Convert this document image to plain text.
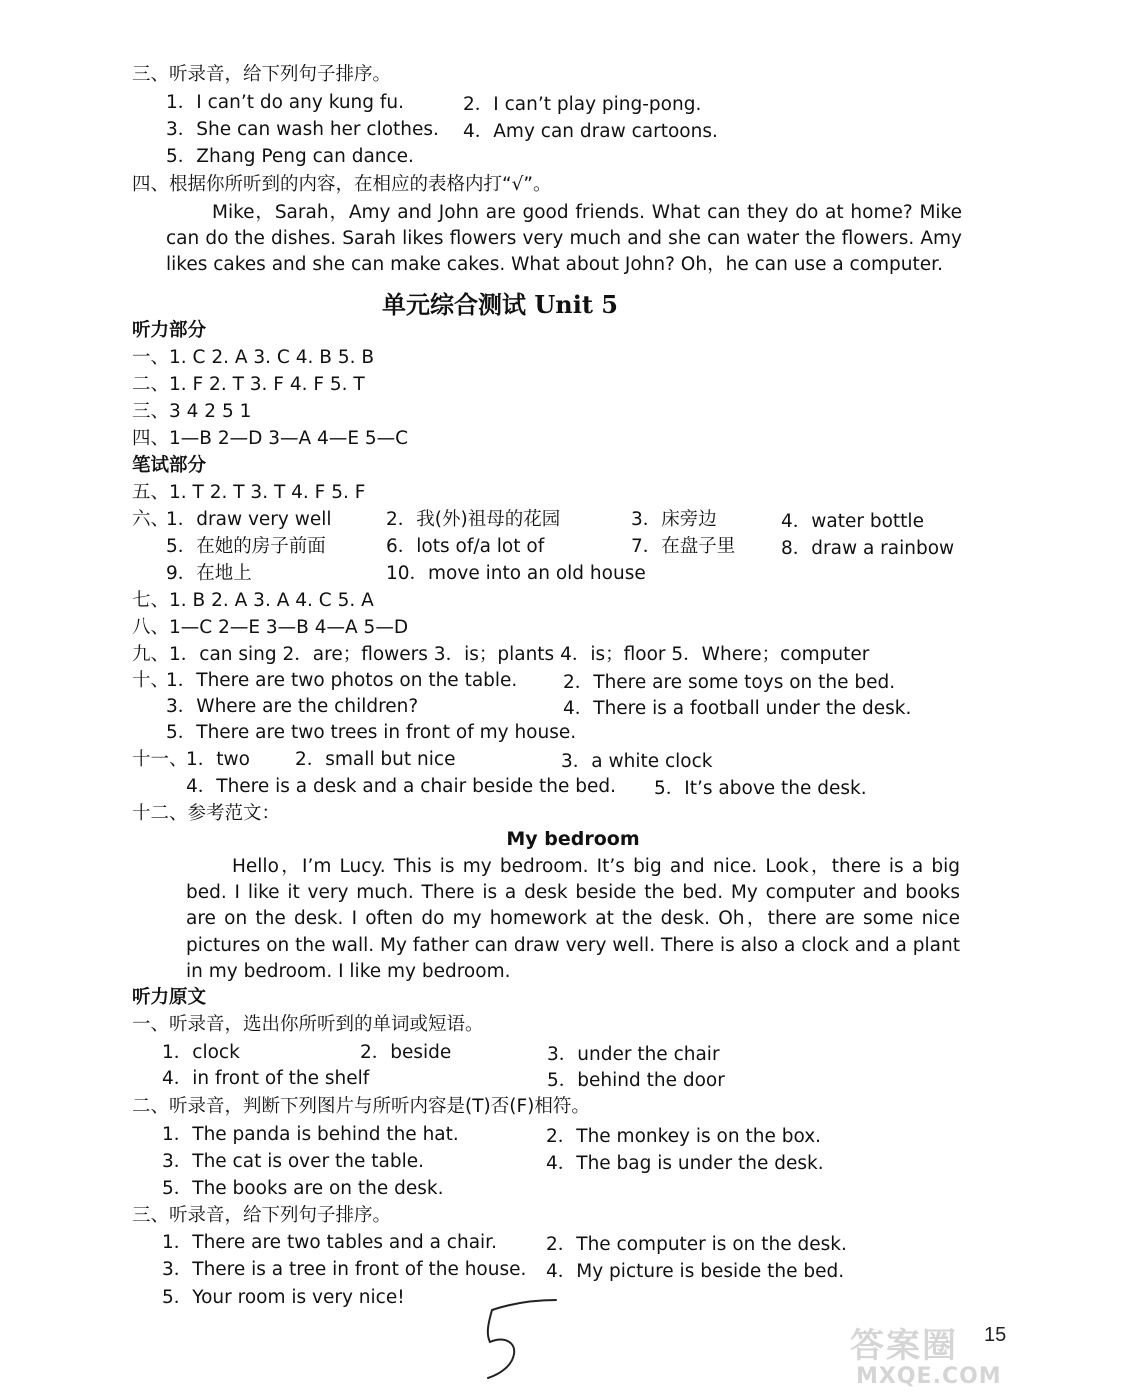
三、听录音，给下列句子排序。
1．I can’t do any kung fu.	2．I can’t play ping-pong.
3．She can wash her clothes. 4．Amy can draw cartoons.
5．Zhang Peng can dance.
四、根据你所听到的内容，在相应的表格内打“√”。
Mike，Sarah，Amy and John are good friends. What can they do at home? Mike can do the dishes. Sarah likes flowers very much and she can water the flowers. Amy likes cakes and she can make cakes. What about John? Oh，he can use a computer.
单元综合测试 Unit 5
听力部分
一、1. C 2. A 3. C 4. B 5. B
二、1. F 2. T 3. F 4. F 5. T
三、3 4 2 5 1
四、1—B 2—D 3—A 4—E 5—C
笔试部分
五、1. T 2. T 3. T 4. F 5. F
六、
1．draw very well	2．我(外)祖母的花园	3．床旁边	4．water bottle
5．在她的房子前面	6．lots of/a lot of	7．在盘子里 8．draw a rainbow
9．在地上	10．move into an old house
七、1. B 2. A 3. A 4. C 5. A
八、1—C 2—E 3—B 4—A 5—D
九、1．can sing 2．are；flowers 3．is；plants 4．is；floor 5．Where；computer
十、
1．There are two photos on the table. 2．There are some toys on the bed.
3．Where are the children?	4．There is a football under the desk.
5．There are two trees in front of my house.
十一、
1．two 2．small but nice	3．a white clock
4．There is a desk and a chair beside the bed. 5．It’s above the desk.
十二、参考范文：
My bedroom
Hello，I’m Lucy. This is my bedroom. It’s big and nice. Look，there is a big bed. I like it very much. There is a desk beside the bed. My computer and books are on the desk. I often do my homework at the desk. Oh，there are some nice pictures on the wall. My father can draw very well. There is also a clock and a plant in my bedroom. I like my bedroom.
听力原文
一、听录音，选出你所听到的单词或短语。
1．clock	2．beside	3．under the chair
4．in front of the shelf	5．behind the door
二、听录音，判断下列图片与所听内容是(T)否(F)相符。
1．The panda is behind the hat.	2．The monkey is on the box.
3．The cat is over the table.	4．The bag is under the desk.
5．The books are on the desk.
三、听录音，给下列句子排序。
1．There are two tables and a chair.	2．The computer is on the desk.
3．There is a tree in front of the house. 4．My picture is beside the bed.
5．Your room is very nice!
15
答案圈
MXQE.COM
